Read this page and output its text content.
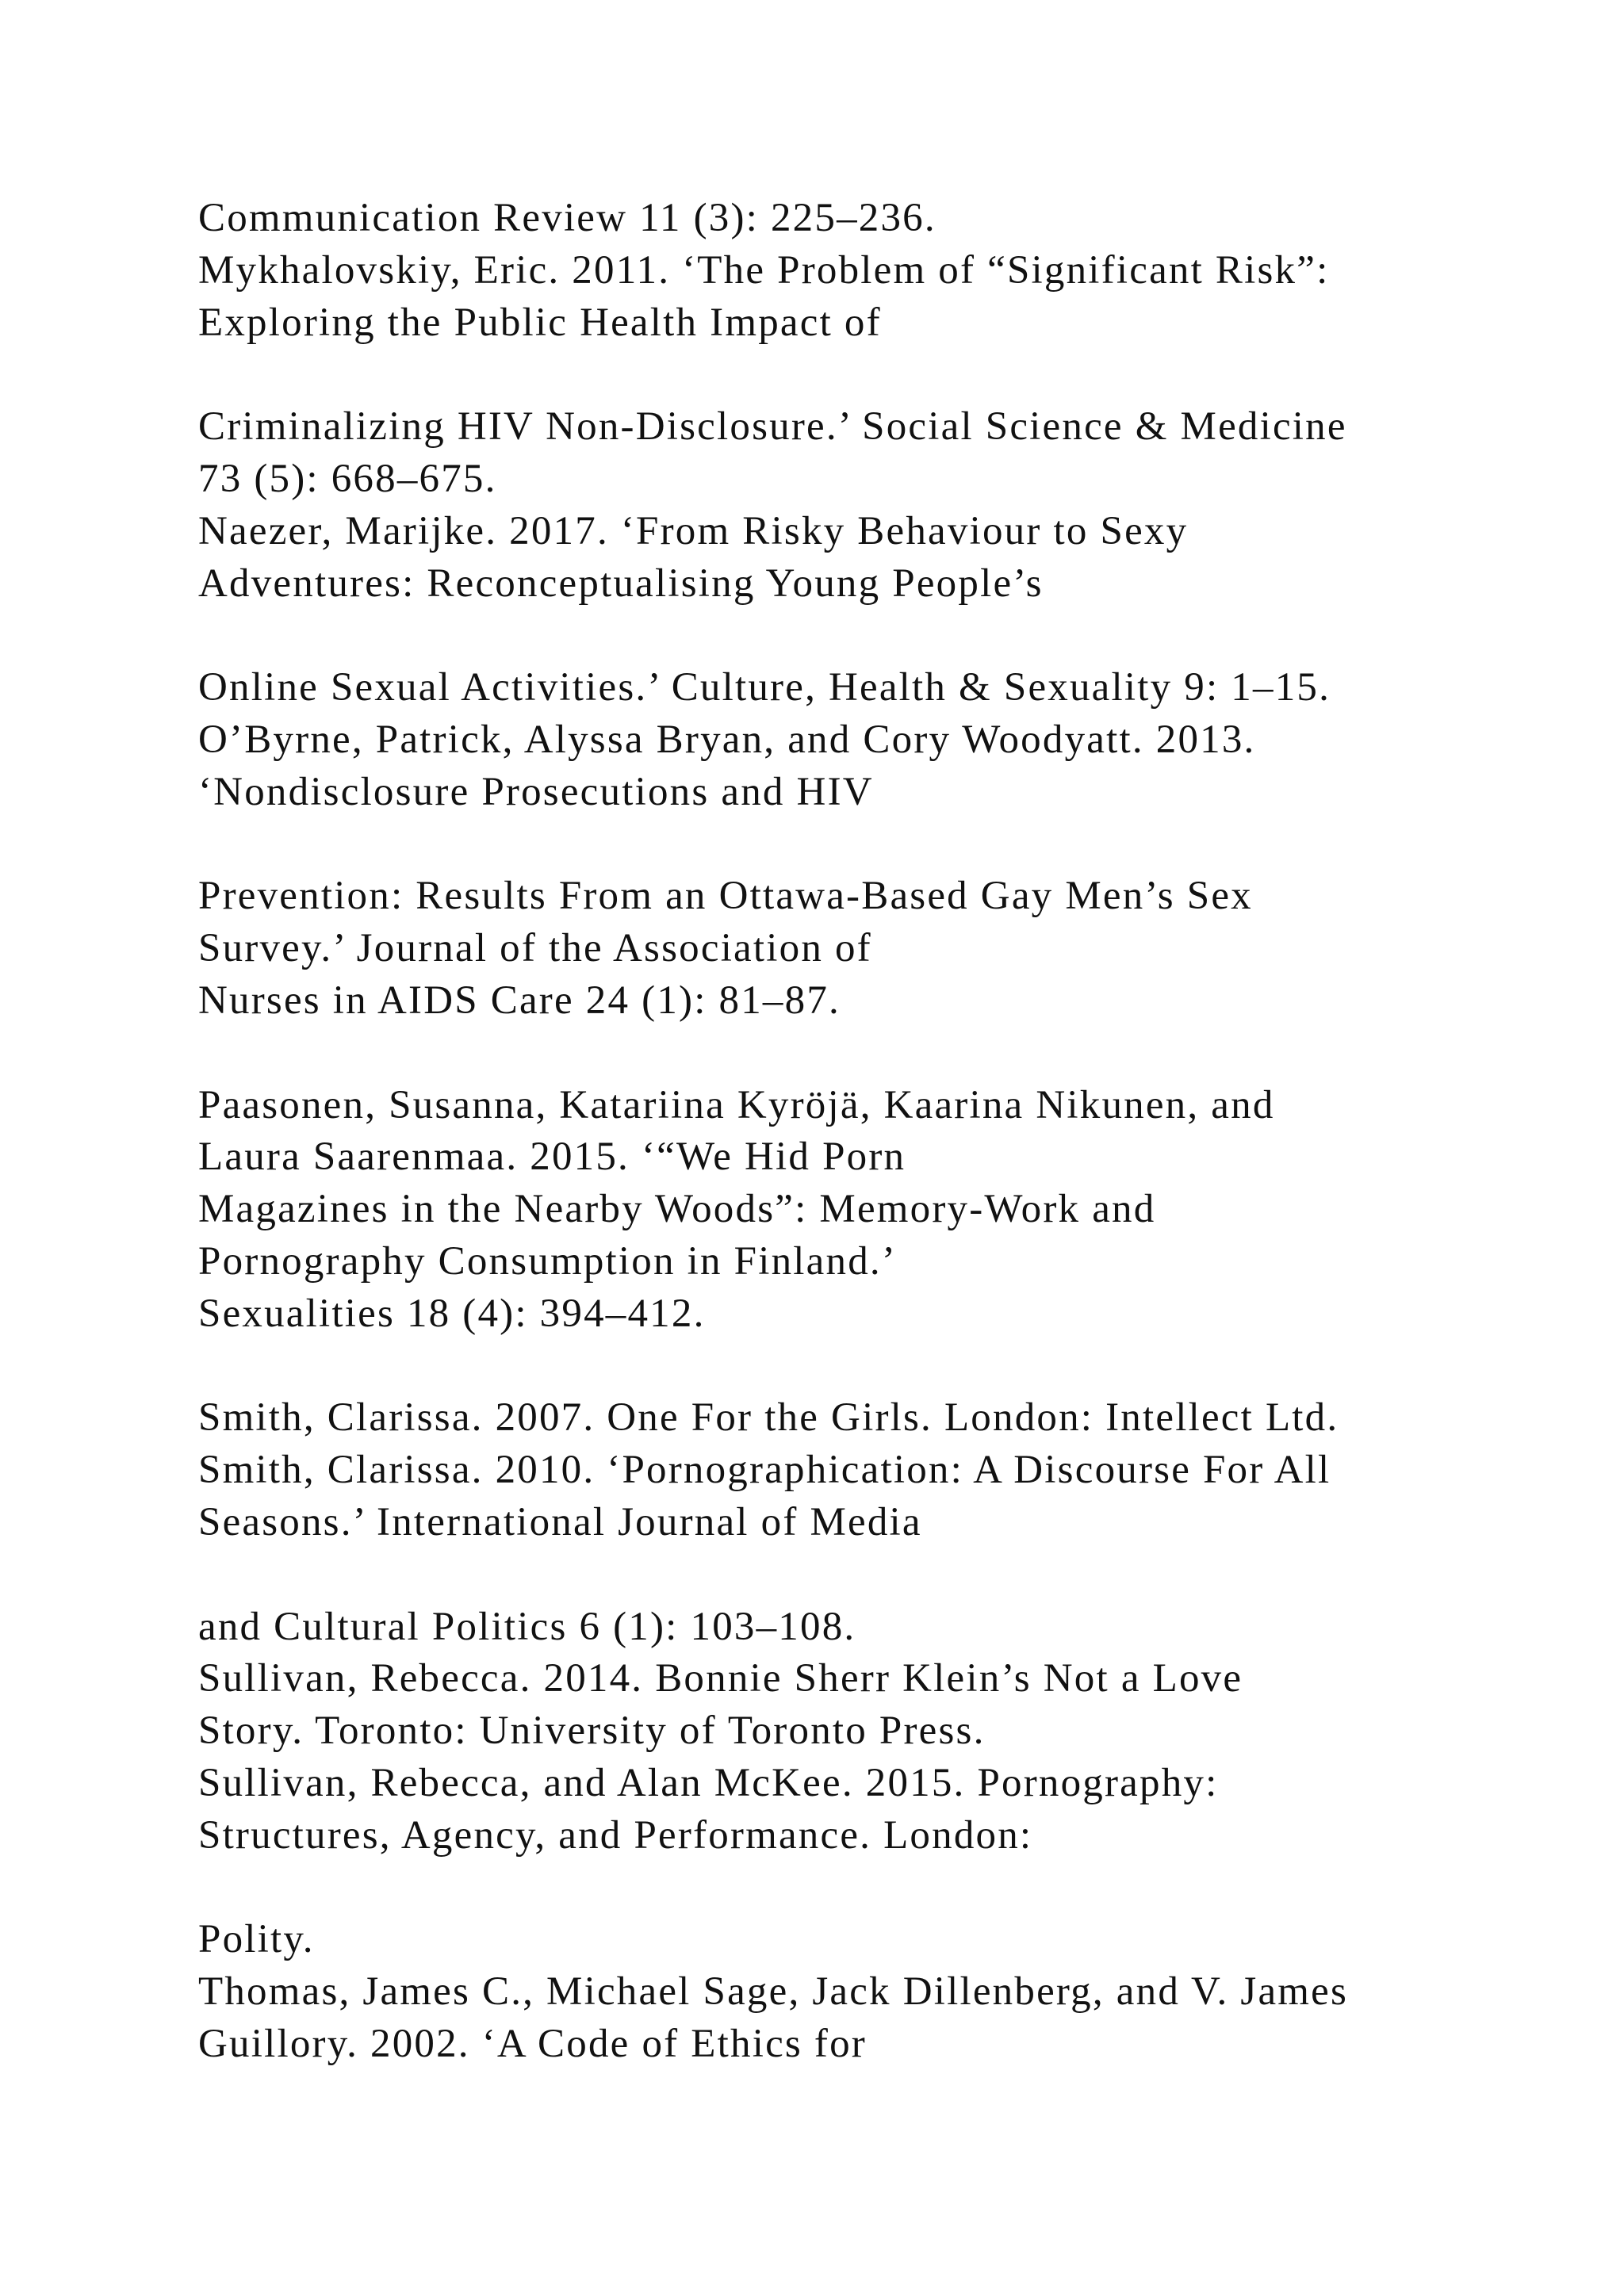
Communication Review 11 (3): 225–236.
Mykhalovskiy, Eric. 2011. ‘The Problem of “Significant Risk”:
Exploring the Public Health Impact of
Criminalizing HIV Non-Disclosure.’ Social Science & Medicine
73 (5): 668–675.
Naezer, Marijke. 2017. ‘From Risky Behaviour to Sexy
Adventures: Reconceptualising Young People’s
Online Sexual Activities.’ Culture, Health & Sexuality 9: 1–15.
O’Byrne, Patrick, Alyssa Bryan, and Cory Woodyatt. 2013.
‘Nondisclosure Prosecutions and HIV
Prevention: Results From an Ottawa-Based Gay Men’s Sex
Survey.’ Journal of the Association of
Nurses in AIDS Care 24 (1): 81–87.
Paasonen, Susanna, Katariina Kyröjä, Kaarina Nikunen, and
Laura Saarenmaa. 2015. ‘“We Hid Porn
Magazines in the Nearby Woods”: Memory-Work and
Pornography Consumption in Finland.’
Sexualities 18 (4): 394–412.
Smith, Clarissa. 2007. One For the Girls. London: Intellect Ltd.
Smith, Clarissa. 2010. ‘Pornographication: A Discourse For All
Seasons.’ International Journal of Media
and Cultural Politics 6 (1): 103–108.
Sullivan, Rebecca. 2014. Bonnie Sherr Klein’s Not a Love
Story. Toronto: University of Toronto Press.
Sullivan, Rebecca, and Alan McKee. 2015. Pornography:
Structures, Agency, and Performance. London:
Polity.
Thomas, James C., Michael Sage, Jack Dillenberg, and V. James
Guillory. 2002. ‘A Code of Ethics for
